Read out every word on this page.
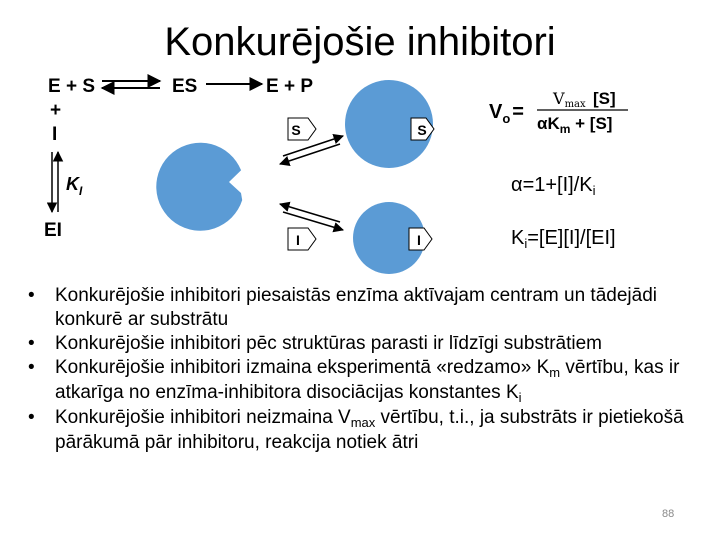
Konkurējošie inhibitori
E + S	ES	E + P
+
I
$K_I$
EI
S	S
I	I
$V_o$ =
Vmax [S]
$\alpha K_m + [S]$
$\alpha=1+[I]/K_i$
$K_i=[E][I]/[EI]$
• Konkurējošie inhibitori piesaistās enzīma aktīvajam centram un tādejādi konkurē ar substrātu
• Konkurējošie inhibitori pēc struktūras parasti ir līdzīgi substrātiem
• Konkurējošie inhibitori izmaina eksperimentā «redzamo» $K_m$ vērtību, kas ir atkarīga no enzīma-inhibitora disociācijas konstantes $K_i$
• Konkurējošie inhibitori neizmaina $V_{max}$ vērtību, t.i., ja substrāts ir pietiekošā pārākumā pār inhibitoru, reakcija notiek ātri
88
